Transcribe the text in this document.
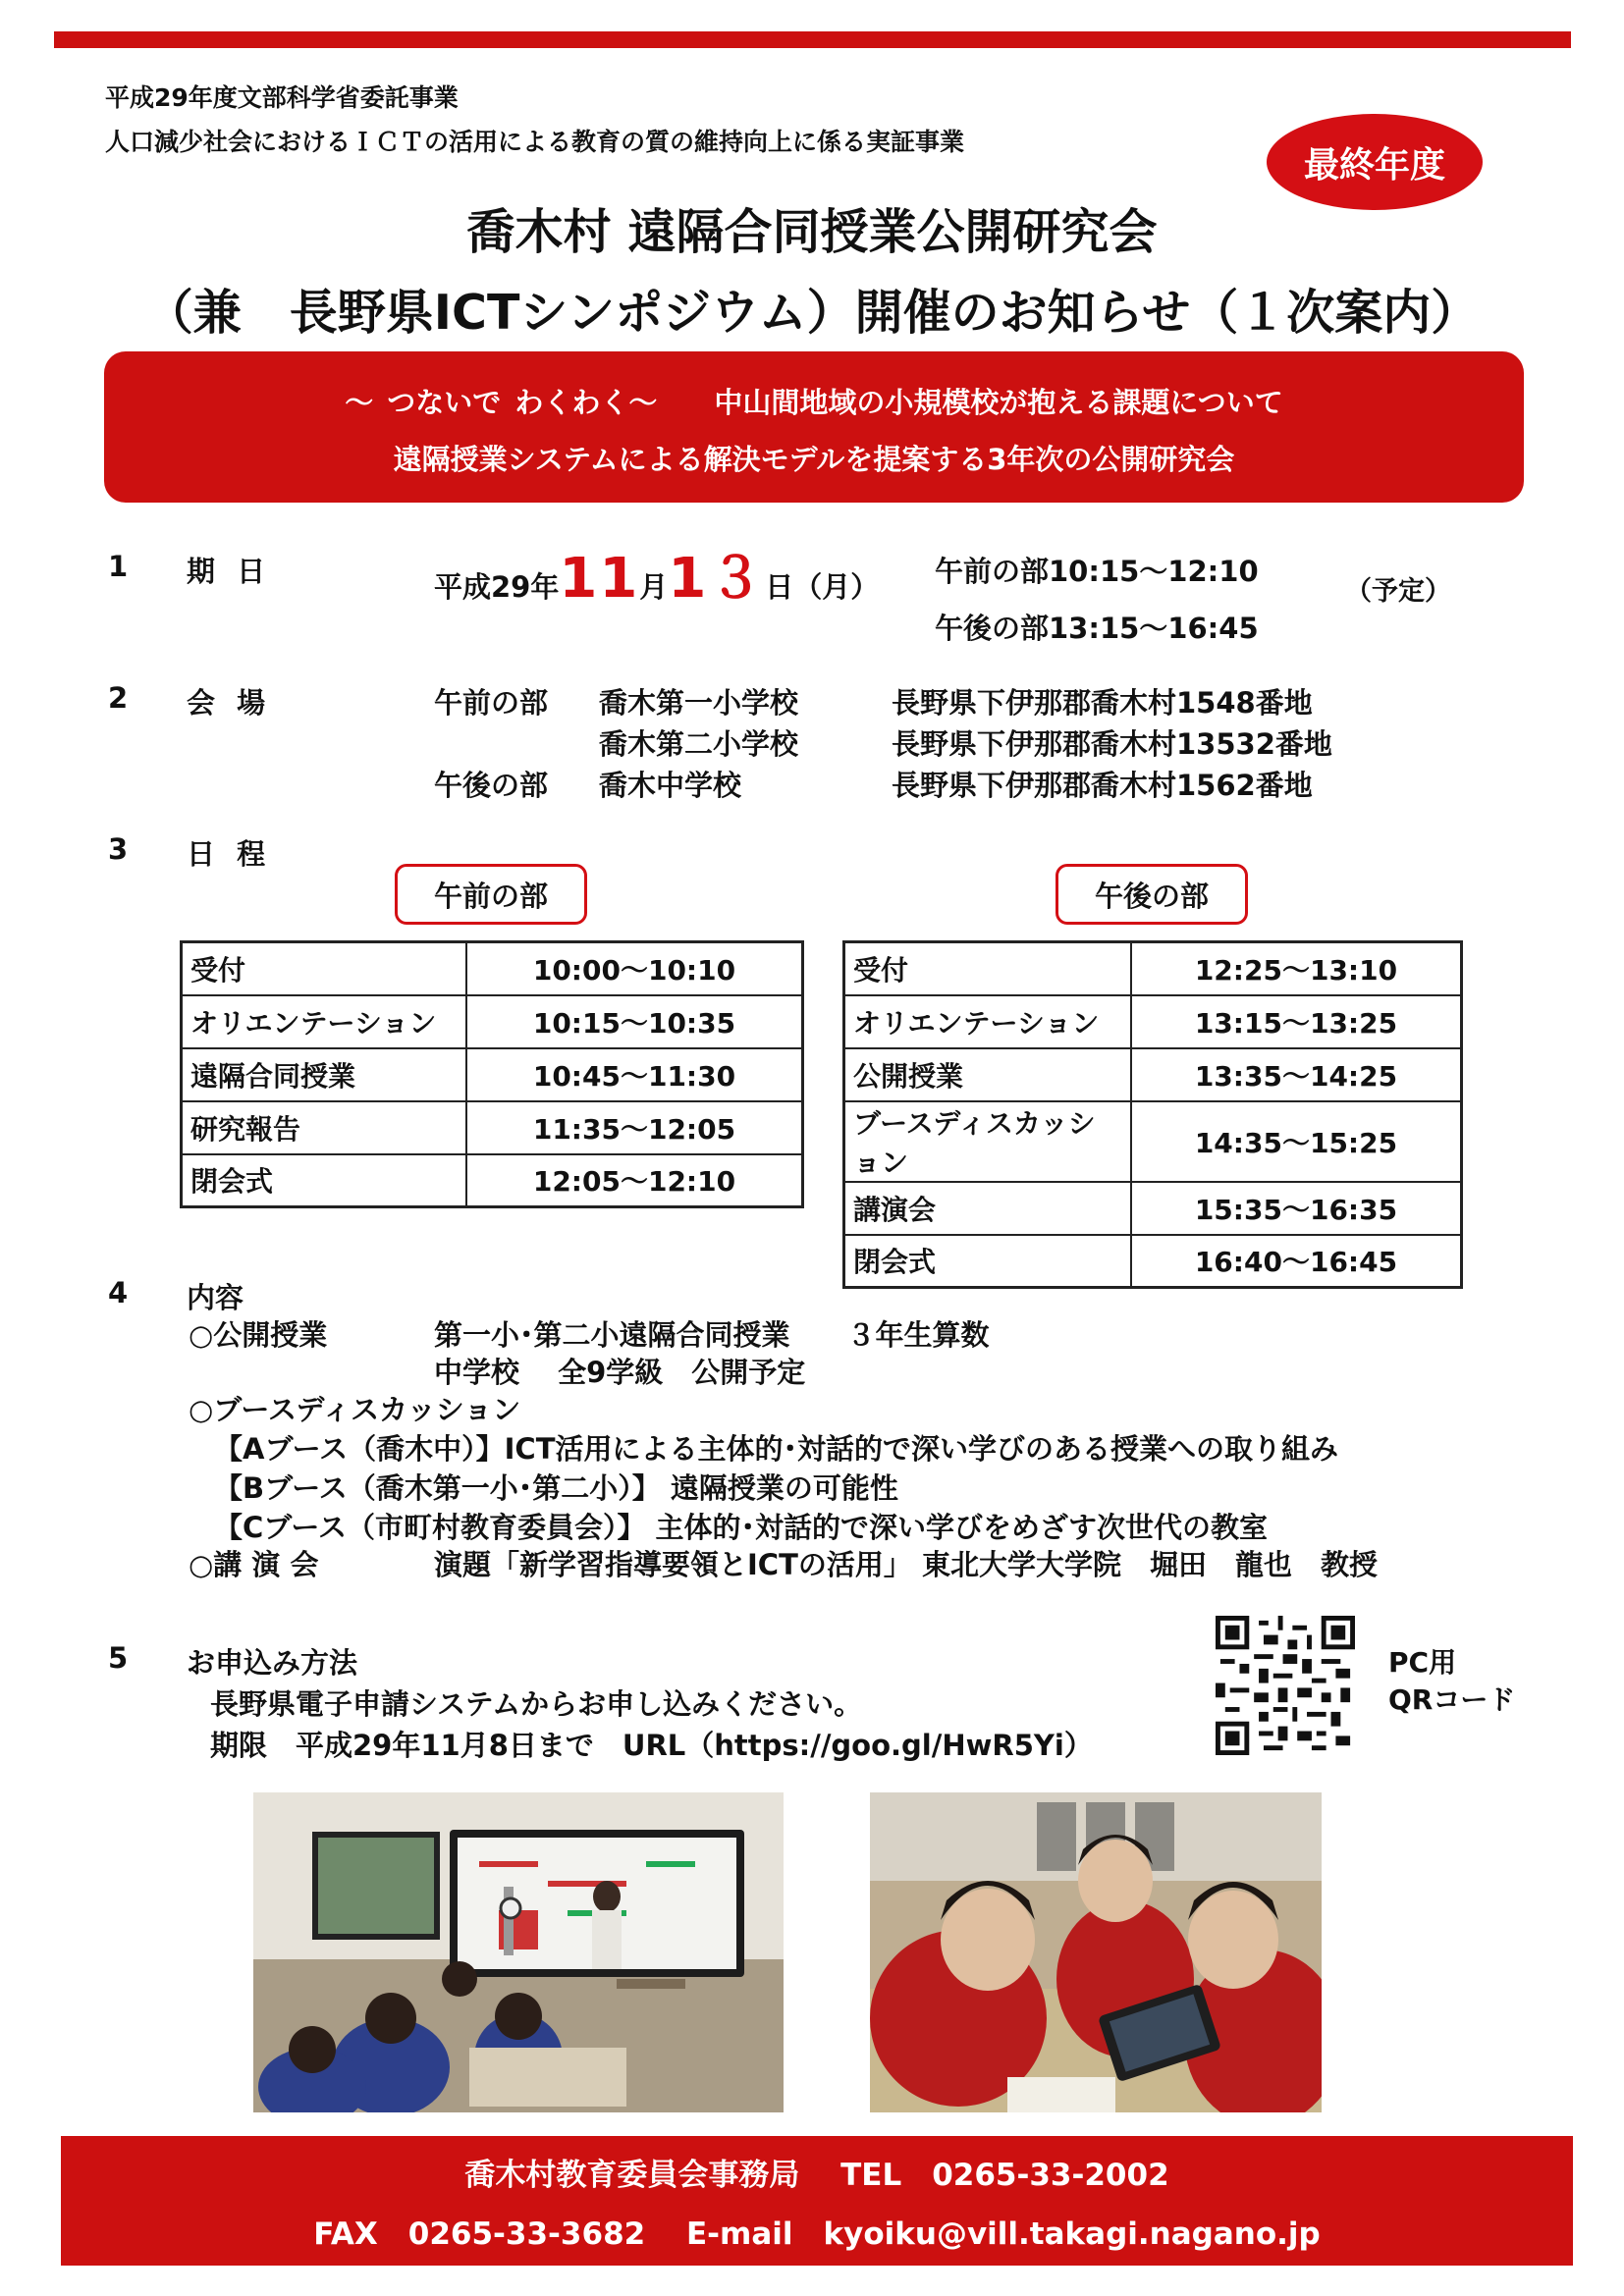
平成29年度文部科学省委託事業
人口減少社会におけるＩＣＴの活用による教育の質の維持向上に係る実証事業
最終年度
喬木村 遠隔合同授業公開研究会
（兼　長野県ICTシンポジウム）開催のお知らせ（１次案内）
～ つないで わくわく～　　中山間地域の小規模校が抱える課題について
遠隔授業システムによる解決モデルを提案する3年次の公開研究会
1 期 日	平成29年 11 月 1３ 日（月） 午前の部10:15～12:10
午後の部13:15～16:45
（予定）
2 会 場	午前の部 喬木第一小学校	長野県下伊那郡喬木村1548番地
喬木第二小学校	長野県下伊那郡喬木村13532番地
午後の部 喬木中学校	長野県下伊那郡喬木村1562番地
3 日 程
午前の部	午後の部
受付	10:00～10:10
オリエンテーション	10:15～10:35
遠隔合同授業	10:45～11:30
研究報告	11:35～12:05
閉会式	12:05～12:10
受付	12:25～13:10
オリエンテーション	13:15～13:25
公開授業	13:35～14:25
ブースディスカッション	14:35～15:25
講演会	15:35～16:35
閉会式	16:40～16:45
4 内容
○公開授業	第一小･第二小遠隔合同授業　　３年生算数
中学校　 全9学級　公開予定
○ブースディスカッション
【Aブース（喬木中）】ICT活用による主体的･対話的で深い学びのある授業への取り組み
【Bブース（喬木第一小･第二小）】 遠隔授業の可能性
【Cブース（市町村教育委員会）】 主体的･対話的で深い学びをめざす次世代の教室
○講 演 会	演題「新学習指導要領とICTの活用」 東北大学大学院　堀田　龍也　教授
5 お申込み方法
長野県電子申請システムからお申し込みください。
期限　平成29年11月8日まで　URL（https://goo.gl/HwR5Yi）
PC用
QRコード
喬木村教育委員会事務局　 TEL　0265-33-2002
FAX　0265-33-3682　 E-mail　kyoiku@vill.takagi.nagano.jp
